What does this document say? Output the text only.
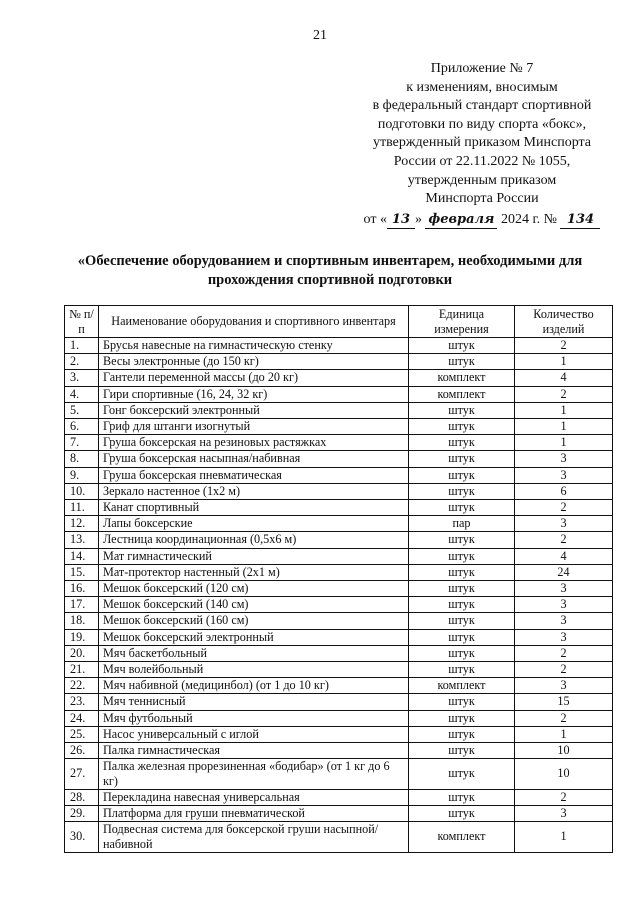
21
Приложение № 7
к изменениям, вносимым
в федеральный стандарт спортивной
подготовки по виду спорта «бокс»,
утвержденный приказом Минспорта
России от 22.11.2022 № 1055,
утвержденным приказом
Минспорта России
от « 13 » февраля 2024 г. № 134
«Обеспечение оборудованием и спортивным инвентарем, необходимыми для прохождения спортивной подготовки
№ п/п	Наименование оборудования и спортивного инвентаря	Единица измерения	Количество изделий
1.	Брусья навесные на гимнастическую стенку	штук	2
2.	Весы электронные (до 150 кг)	штук	1
3.	Гантели переменной массы (до 20 кг)	комплект	4
4.	Гири спортивные (16, 24, 32 кг)	комплект	2
5.	Гонг боксерский электронный	штук	1
6.	Гриф для штанги изогнутый	штук	1
7.	Груша боксерская на резиновых растяжках	штук	1
8.	Груша боксерская насыпная/набивная	штук	3
9.	Груша боксерская пневматическая	штук	3
10.	Зеркало настенное (1х2 м)	штук	6
11.	Канат спортивный	штук	2
12.	Лапы боксерские	пар	3
13.	Лестница координационная (0,5х6 м)	штук	2
14.	Мат гимнастический	штук	4
15.	Мат-протектор настенный (2х1 м)	штук	24
16.	Мешок боксерский (120 см)	штук	3
17.	Мешок боксерский (140 см)	штук	3
18.	Мешок боксерский (160 см)	штук	3
19.	Мешок боксерский электронный	штук	3
20.	Мяч баскетбольный	штук	2
21.	Мяч волейбольный	штук	2
22.	Мяч набивной (медицинбол) (от 1 до 10 кг)	комплект	3
23.	Мяч теннисный	штук	15
24.	Мяч футбольный	штук	2
25.	Насос универсальный с иглой	штук	1
26.	Палка гимнастическая	штук	10
27.	Палка железная прорезиненная «бодибар» (от 1 кг до 6 кг)	штук	10
28.	Перекладина навесная универсальная	штук	2
29.	Платформа для груши пневматической	штук	3
30.	Подвесная система для боксерской груши насыпной/набивной	комплект	1
